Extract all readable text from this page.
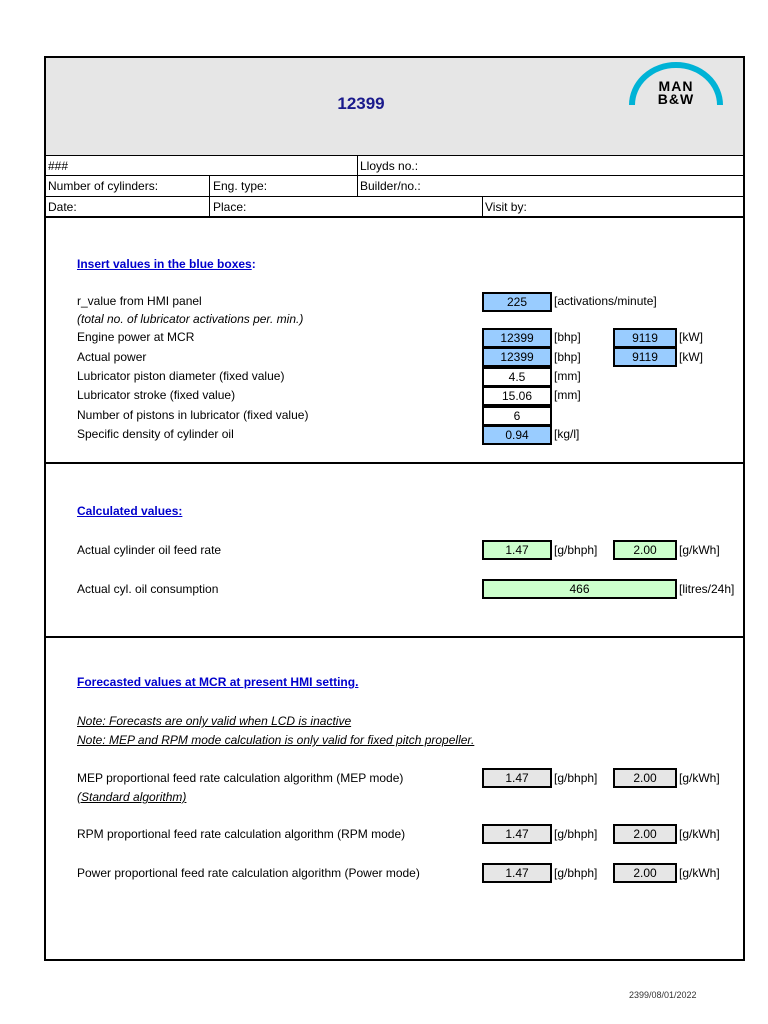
12399
MAN
B&W
###	Lloyds no.:
Number of cylinders:	Eng. type:	Builder/no.:
Date:	Place:	Visit by:
Insert values in the blue boxes:
r_value from HMI panel
(total no. of lubricator activations per. min.)
225	[activations/minute]
Engine power at MCR	12399	[bhp]	9119	[kW]
Actual power	12399	[bhp]	9119	[kW]
Lubricator piston diameter (fixed value)	4.5	[mm]
Lubricator stroke (fixed value)	15.06	[mm]
Number of pistons in lubricator (fixed value)	6
Specific density of cylinder oil	0.94	[kg/l]
Calculated values:
Actual cylinder oil feed rate	1.47	[g/bhph]	2.00	[g/kWh]
Actual cyl. oil consumption	466	[litres/24h]
Forecasted values at MCR at present HMI setting.
Note: Forecasts are only valid when LCD is inactive
Note: MEP and RPM mode calculation is only valid for fixed pitch propeller.
MEP proportional feed rate calculation algorithm (MEP mode)
(Standard algorithm)
1.47	[g/bhph]	2.00	[g/kWh]
RPM proportional feed rate calculation algorithm (RPM mode)	1.47	[g/bhph]	2.00	[g/kWh]
Power proportional feed rate calculation algorithm (Power mode)	1.47	[g/bhph]	2.00	[g/kWh]
2399/08/01/2022
